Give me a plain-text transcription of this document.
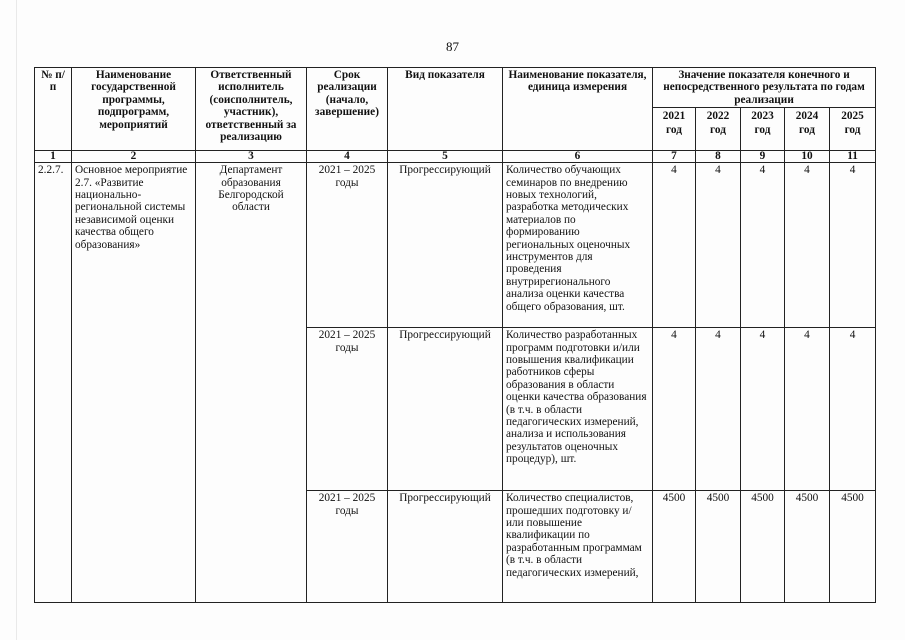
87
№ п/п	Наименование государственной программы, подпрограмм, мероприятий	Ответственный исполнитель (соисполнитель, участник), ответственный за реализацию	Срок реализации (начало, завершение)	Вид показателя	Наименование показателя, единица измерения	Значение показателя конечного и непосредственного результата по годам реализации				
						2021 год	2022 год	2023 год	2024 год	2025 год
1	2	3	4	5	6	7	8	9	10	11
2.2.7.	Основное мероприятие 2.7. «Развитие национально-региональной системы независимой оценки качества общего образования»	Департамент образования Белгородской области	2021 – 2025 годы	Прогрессирующий	Количество обучающих семинаров по внедрению новых технологий, разработка методических материалов по формированию региональных оценочных инструментов для проведения внутрирегионального анализа оценки качества общего образования, шт.	4	4	4	4	4
			2021 – 2025 годы	Прогрессирующий	Количество разработанных программ подготовки и/или повышения квалификации работников сферы образования в области оценки качества образования (в т.ч. в области педагогических измерений, анализа и использования результатов оценочных процедур), шт.	4	4	4	4	4
			2021 – 2025 годы	Прогрессирующий	Количество специалистов, прошедших подготовку и/или повышение квалификации по разработанным программам (в т.ч. в области педагогических измерений,	4500	4500	4500	4500	4500
